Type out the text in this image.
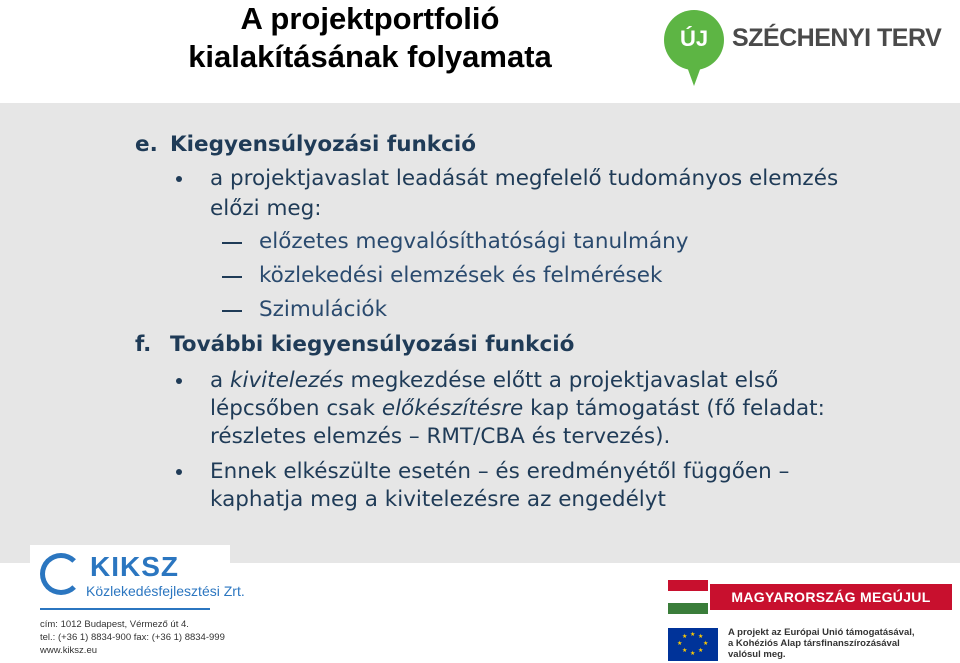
A projektportfolió
kialakításának folyamata
ÚJ SZÉCHENYI TERV
e. Kiegyensúlyozási funkció
a projektjavaslat leadását megfelelő tudományos elemzés
előzi meg:
előzetes megvalósíthatósági tanulmány
közlekedési elemzések és felmérések
Szimulációk
f. További kiegyensúlyozási funkció
a kivitelezés megkezdése előtt a projektjavaslat első
lépcsőben csak előkészítésre kap támogatást (fő feladat:
részletes elemzés – RMT/CBA és tervezés).
Ennek elkészülte esetén – és eredményétől függően –
kaphatja meg a kivitelezésre az engedélyt
KIKSZ
Közlekedésfejlesztési Zrt.
cím: 1012 Budapest, Vérmező út 4.
tel.: (+36 1) 8834-900 fax: (+36 1) 8834-999
www.kiksz.eu
MAGYARORSZÁG MEGÚJUL
★ ★
★
★
★
★
★
★	A projekt az Európai Unió támogatásával,
a Kohéziós Alap társfinanszírozásával
valósul meg.
